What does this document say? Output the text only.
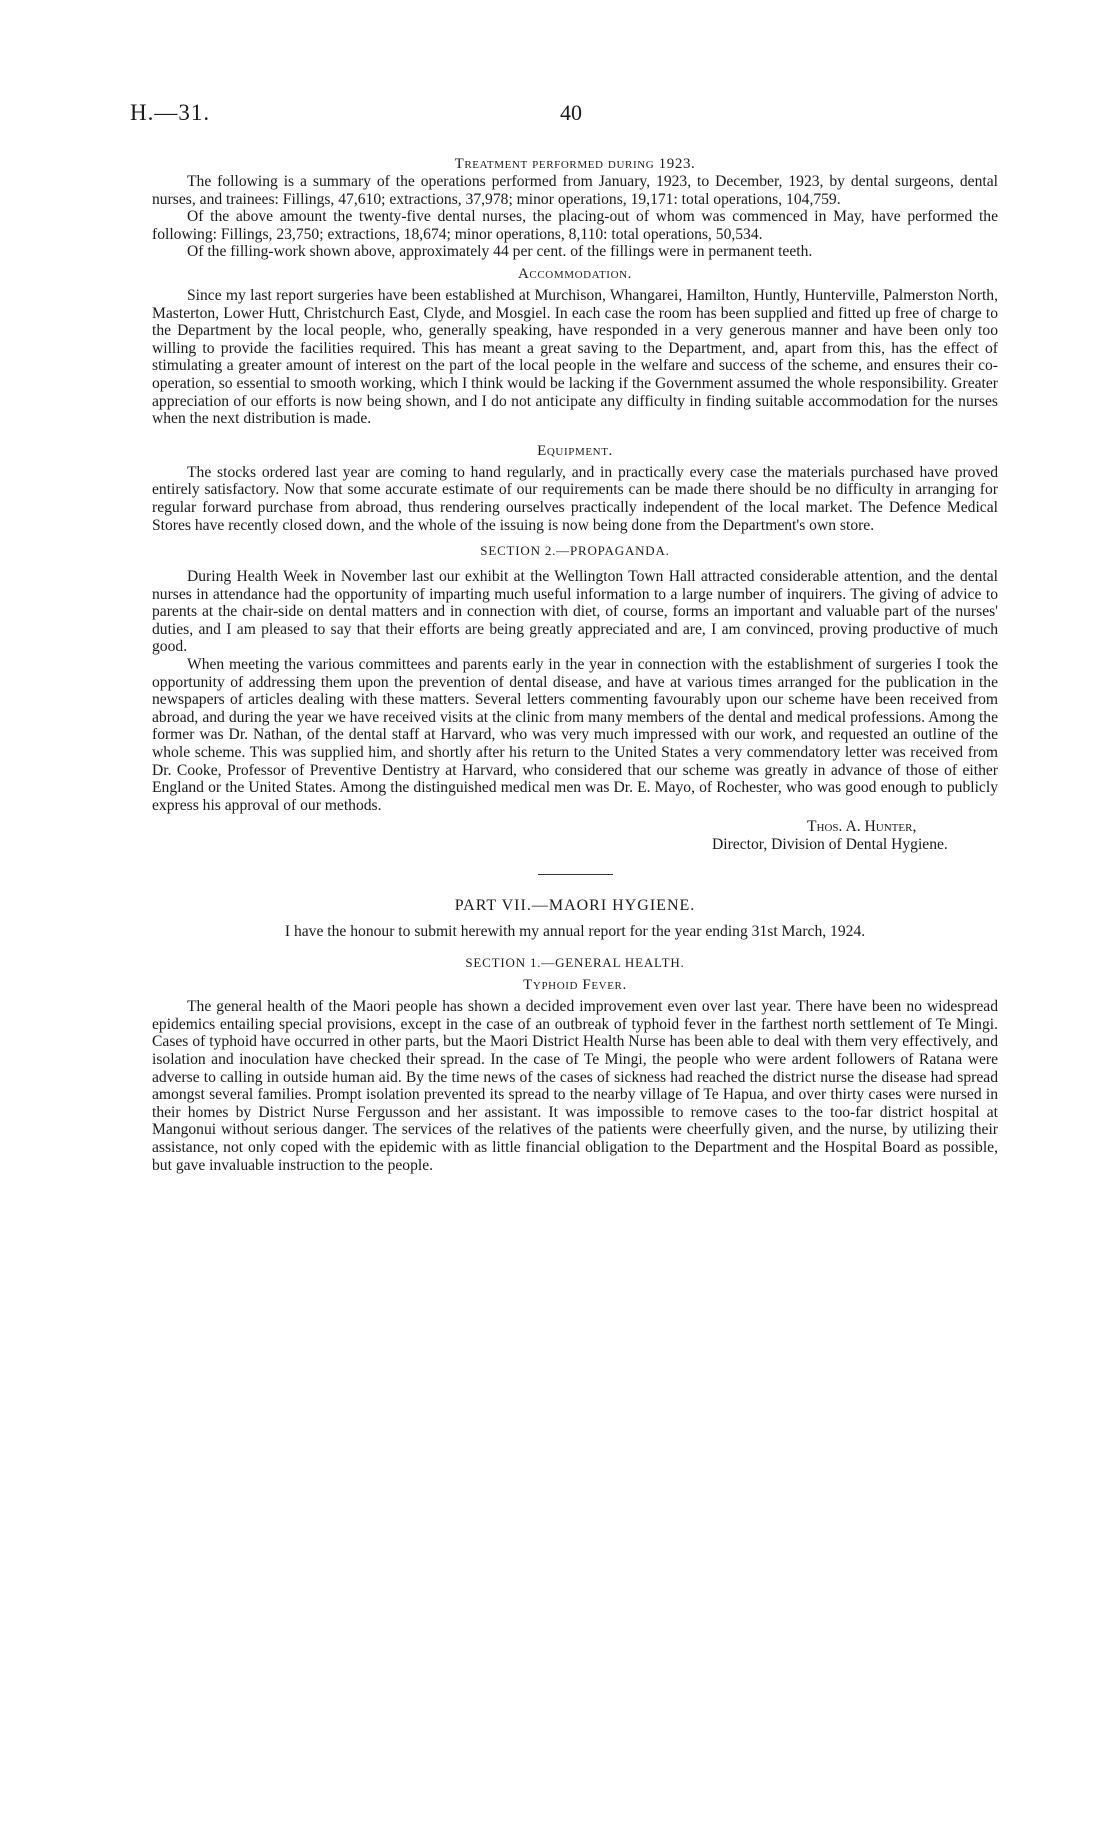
H.—31.	40
Treatment performed during 1923.

The following is a summary of the operations performed from January, 1923, to December, 1923, by dental surgeons, dental nurses, and trainees: Fillings, 47,610; extractions, 37,978; minor operations, 19,171: total operations, 104,759.

Of the above amount the twenty-five dental nurses, the placing-out of whom was commenced in May, have performed the following: Fillings, 23,750; extractions, 18,674; minor operations, 8,110: total operations, 50,534.

Of the filling-work shown above, approximately 44 per cent. of the fillings were in permanent teeth.

Accommodation.

Since my last report surgeries have been established at Murchison, Whangarei, Hamilton, Huntly, Hunterville, Palmerston North, Masterton, Lower Hutt, Christchurch East, Clyde, and Mosgiel. In each case the room has been supplied and fitted up free of charge to the Department by the local people, who, generally speaking, have responded in a very generous manner and have been only too willing to provide the facilities required. This has meant a great saving to the Department, and, apart from this, has the effect of stimulating a greater amount of interest on the part of the local people in the welfare and success of the scheme, and ensures their co-operation, so essential to smooth working, which I think would be lacking if the Government assumed the whole responsibility. Greater appreciation of our efforts is now being shown, and I do not anticipate any difficulty in finding suitable accommodation for the nurses when the next distribution is made.

Equipment.

The stocks ordered last year are coming to hand regularly, and in practically every case the materials purchased have proved entirely satisfactory. Now that some accurate estimate of our requirements can be made there should be no difficulty in arranging for regular forward purchase from abroad, thus rendering ourselves practically independent of the local market. The Defence Medical Stores have recently closed down, and the whole of the issuing is now being done from the Department's own store.

SECTION 2.—PROPAGANDA.

During Health Week in November last our exhibit at the Wellington Town Hall attracted considerable attention, and the dental nurses in attendance had the opportunity of imparting much useful information to a large number of inquirers. The giving of advice to parents at the chair-side on dental matters and in connection with diet, of course, forms an important and valuable part of the nurses' duties, and I am pleased to say that their efforts are being greatly appreciated and are, I am convinced, proving productive of much good.

When meeting the various committees and parents early in the year in connection with the establishment of surgeries I took the opportunity of addressing them upon the prevention of dental disease, and have at various times arranged for the publication in the newspapers of articles dealing with these matters. Several letters commenting favourably upon our scheme have been received from abroad, and during the year we have received visits at the clinic from many members of the dental and medical professions. Among the former was Dr. Nathan, of the dental staff at Harvard, who was very much impressed with our work, and requested an outline of the whole scheme. This was supplied him, and shortly after his return to the United States a very commendatory letter was received from Dr. Cooke, Professor of Preventive Dentistry at Harvard, who considered that our scheme was greatly in advance of those of either England or the United States. Among the distinguished medical men was Dr. E. Mayo, of Rochester, who was good enough to publicly express his approval of our methods.

Thos. A. Hunter,
Director, Division of Dental Hygiene.
PART VII.—MAORI HYGIENE.

I have the honour to submit herewith my annual report for the year ending 31st March, 1924.

SECTION 1.—GENERAL HEALTH.
Typhoid Fever.

The general health of the Maori people has shown a decided improvement even over last year. There have been no widespread epidemics entailing special provisions, except in the case of an outbreak of typhoid fever in the farthest north settlement of Te Mingi. Cases of typhoid have occurred in other parts, but the Maori District Health Nurse has been able to deal with them very effectively, and isolation and inoculation have checked their spread. In the case of Te Mingi, the people who were ardent followers of Ratana were adverse to calling in outside human aid. By the time news of the cases of sickness had reached the district nurse the disease had spread amongst several families. Prompt isolation prevented its spread to the nearby village of Te Hapua, and over thirty cases were nursed in their homes by District Nurse Fergusson and her assistant. It was impossible to remove cases to the too-far district hospital at Mangonui without serious danger. The services of the relatives of the patients were cheerfully given, and the nurse, by utilizing their assistance, not only coped with the epidemic with as little financial obligation to the Department and the Hospital Board as possible, but gave invaluable instruction to the people.
